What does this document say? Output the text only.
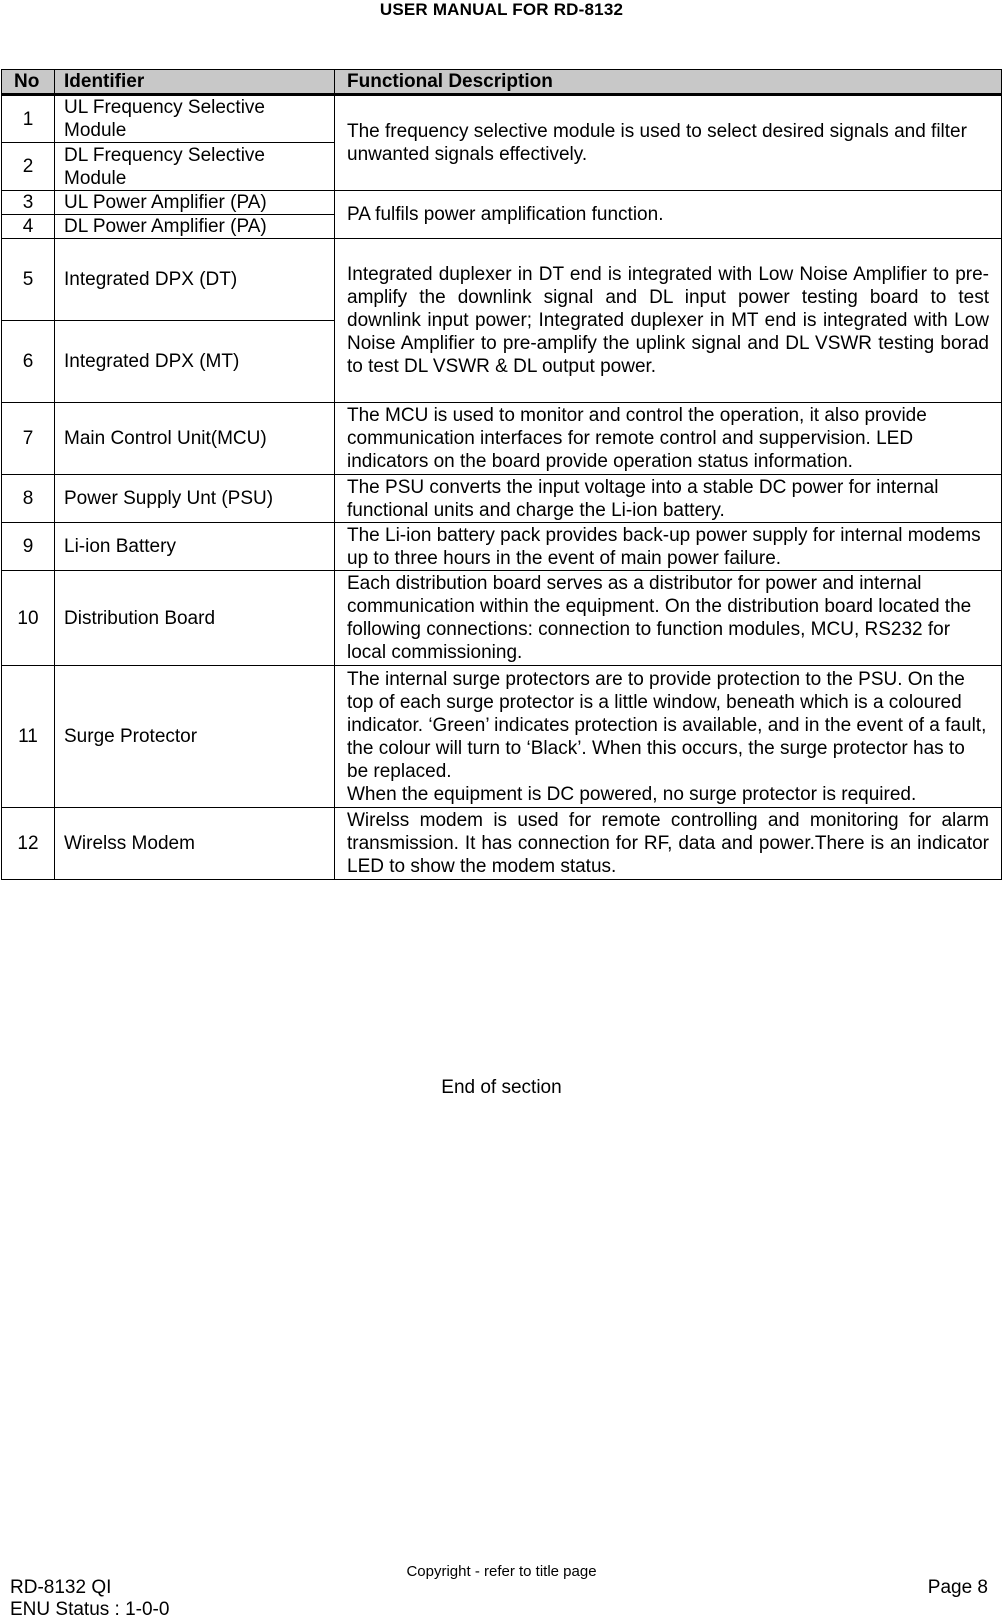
USER MANUAL FOR RD-8132
No	Identifier	Functional Description
1	UL Frequency Selective Module	The frequency selective module is used to select desired signals and filter unwanted signals effectively.
2	DL Frequency Selective Module	
3	UL Power Amplifier (PA)	PA fulfils power amplification function.
4	DL Power Amplifier (PA)	
5	Integrated DPX (DT)	Integrated duplexer in DT end is integrated with Low Noise Amplifier to pre-amplify the downlink signal and DL input power testing board to test downlink input power; Integrated duplexer in MT end is integrated with Low Noise Amplifier to pre-amplify the uplink signal and DL VSWR testing borad to test DL VSWR & DL output power.
6	Integrated DPX (MT)	
7	Main Control Unit(MCU)	The MCU is used to monitor and control the operation, it also provide communication interfaces for remote control and suppervision. LED indicators on the board provide operation status information.
8	Power Supply Unt (PSU)	The PSU converts the input voltage into a stable DC power for internal functional units and charge the Li-ion battery.
9	Li-ion Battery	The Li-ion battery pack provides back-up power supply for internal modems up to three hours in the event of main power failure.
10	Distribution Board	Each distribution board serves as a distributor for power and internal communication within the equipment. On the distribution board located the following connections: connection to function modules, MCU, RS232 for local commissioning.
11	Surge Protector	The internal surge protectors are to provide protection to the PSU. On the top of each surge protector is a little window, beneath which is a coloured indicator. ‘Green’ indicates protection is available, and in the event of a fault, the colour will turn to ‘Black’. When this occurs, the surge protector has to be replaced.
When the equipment is DC powered, no surge protector is required.

12	Wirelss Modem	Wirelss modem is used for remote controlling and monitoring for alarm transmission. It has connection for RF, data and power.There is an indicator LED to show the modem status.
End of section
RD-8132 QI
ENU Status : 1-0-0
Copyright - refer to title page
Page 8
